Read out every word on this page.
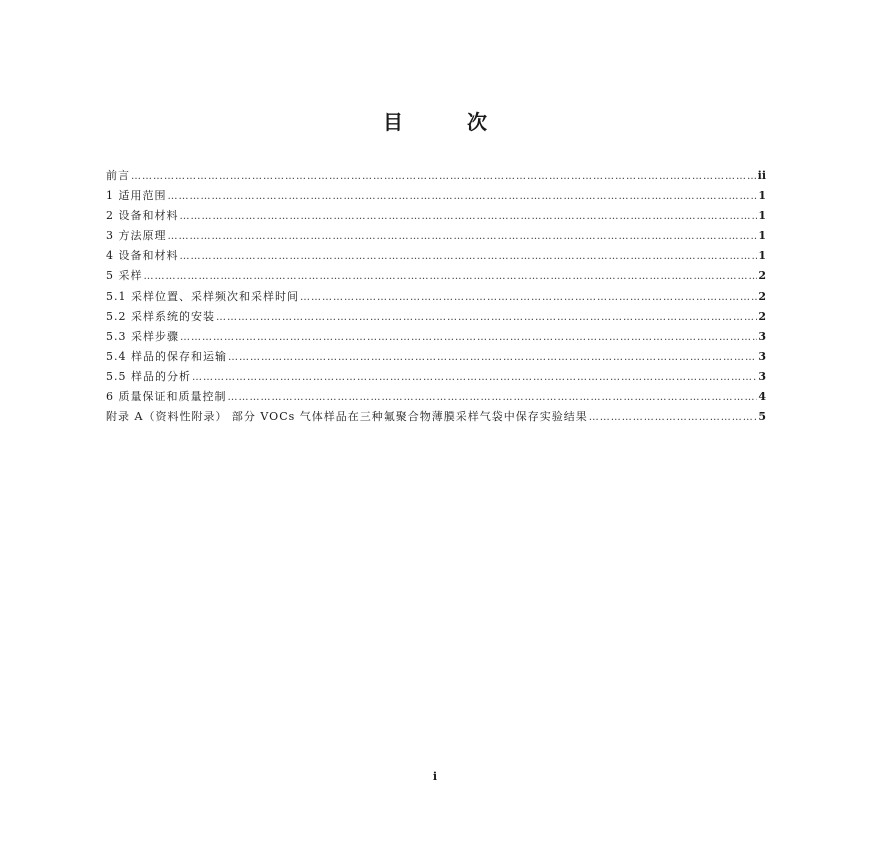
目　次
前言 ……………………………………………………………………………………………………………………………………………………………………………………………………	ii
1 适用范围 ……………………………………………………………………………………………………………………………………………………………………………………………………	1
2 设备和材料 ……………………………………………………………………………………………………………………………………………………………………………………………………	1
3 方法原理 ……………………………………………………………………………………………………………………………………………………………………………………………………	1
4 设备和材料 ……………………………………………………………………………………………………………………………………………………………………………………………………	1
5 采样 ……………………………………………………………………………………………………………………………………………………………………………………………………	2
5.1 采样位置、采样频次和采样时间 ……………………………………………………………………………………………………………………………………………………………………………………………………	2
5.2 采样系统的安装 ……………………………………………………………………………………………………………………………………………………………………………………………………	2
5.3 采样步骤 ……………………………………………………………………………………………………………………………………………………………………………………………………	3
5.4 样品的保存和运输 ……………………………………………………………………………………………………………………………………………………………………………………………………	3
5.5 样品的分析 ……………………………………………………………………………………………………………………………………………………………………………………………………	3
6 质量保证和质量控制 ……………………………………………………………………………………………………………………………………………………………………………………………………	4
附录 A（资料性附录） 部分 VOCs 气体样品在三种氟聚合物薄膜采样气袋中保存实验结果 ……………………………………………………………………………………………………………………………………………………………………………………………………	5
i
